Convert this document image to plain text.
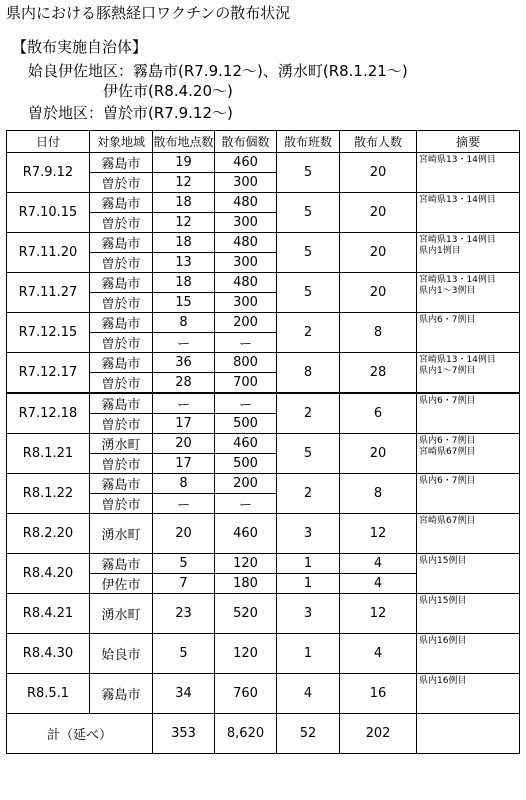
県内における豚熱経口ワクチンの散布状況
【散布実施自治体】
姶良伊佐地区：霧島市(R7.9.12～)、湧水町(R8.1.21～)
伊佐市(R8.4.20～)
曽於地区：曽於市(R7.9.12～)
日付	対象地域	散布地点数	散布個数	散布班数	散布人数	摘要
R7.9.12	霧島市	19	460	5	20	宮崎県13・14例目

	曽於市	12	300			
R7.10.15	霧島市	18	480	5	20	宮崎県13・14例目

	曽於市	12	300			
R7.11.20	霧島市	18	480	5	20	宮崎県13・14例目
県内1例目

	曽於市	13	300			
R7.11.27	霧島市	18	480	5	20	宮崎県13・14例目
県内1～3例目

	曽於市	15	300			
R7.12.15	霧島市	8	200	2	8	県内6・7例目

	曽於市	ー	ー			
R7.12.17	霧島市	36	800	8	28	宮崎県13・14例目
県内1～7例目

	曽於市	28	700			
R7.12.18	霧島市	ー	ー	2	6	県内6・7例目

	曽於市	17	500			
R8.1.21	湧水町	20	460	5	20	県内6・7例目
宮崎県67例目

	曽於市	17	500			
R8.1.22	霧島市	8	200	2	8	県内6・7例目

	曽於市	ー	ー			
R8.2.20	湧水町	20	460	3	12	宮崎県67例目

R8.4.20	霧島市	5	120	1	4	県内15例目

	伊佐市	7	180	1	4	
R8.4.21	湧水町	23	520	3	12	県内15例目

R8.4.30	姶良市	5	120	1	4	県内16例目

R8.5.1	霧島市	34	760	4	16	県内16例目

計（延べ）		353	8,620	52	202	
